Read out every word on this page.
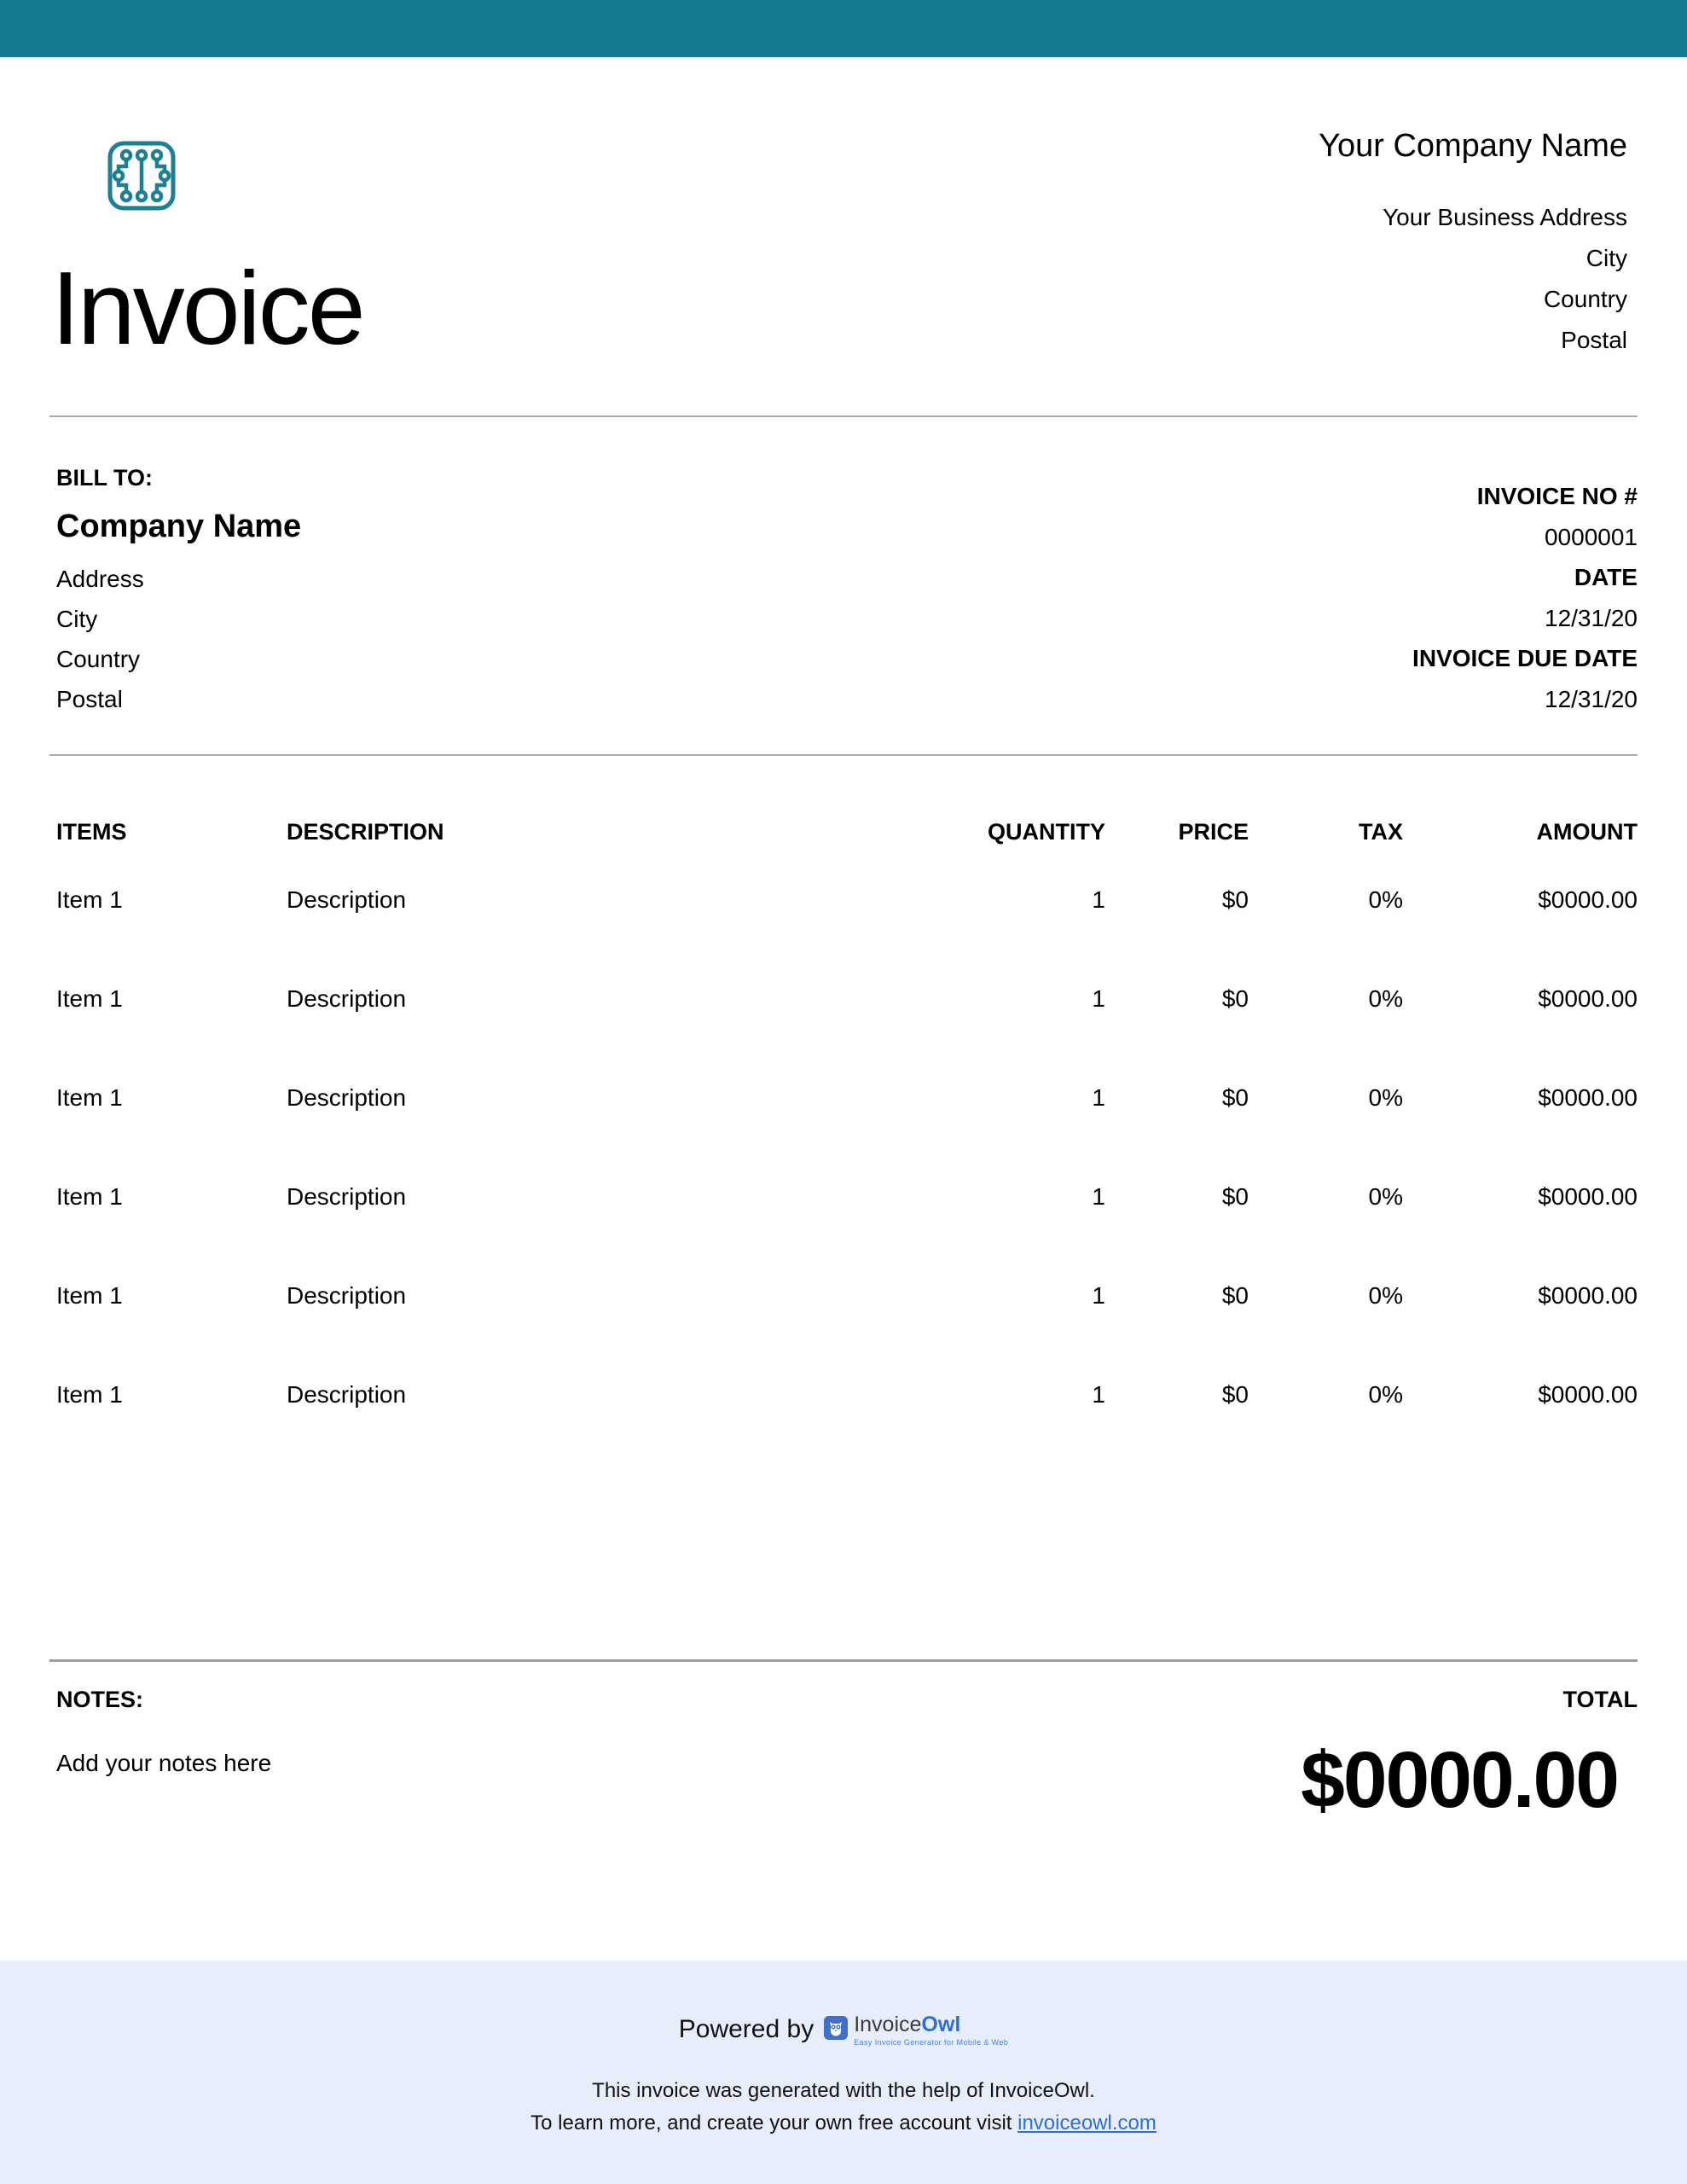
Invoice
Your Company Name
Your Business Address
City
Country
Postal
BILL TO:
Company Name
Address
City
Country
Postal
INVOICE NO #
0000001
DATE
12/31/20
INVOICE DUE DATE
12/31/20
ITEMS	DESCRIPTION	QUANTITY	PRICE	TAX	AMOUNT
Item 1	Description	1	$0	0%	$0000.00
Item 1	Description	1	$0	0%	$0000.00
Item 1	Description	1	$0	0%	$0000.00
Item 1	Description	1	$0	0%	$0000.00
Item 1	Description	1	$0	0%	$0000.00
Item 1	Description	1	$0	0%	$0000.00
NOTES:	TOTAL
Add your notes here	$0000.00
Powered by InvoiceOwl
Easy Invoice Generator for Mobile & Web
This invoice was generated with the help of InvoiceOwl.
To learn more, and create your own free account visit invoiceowl.com
